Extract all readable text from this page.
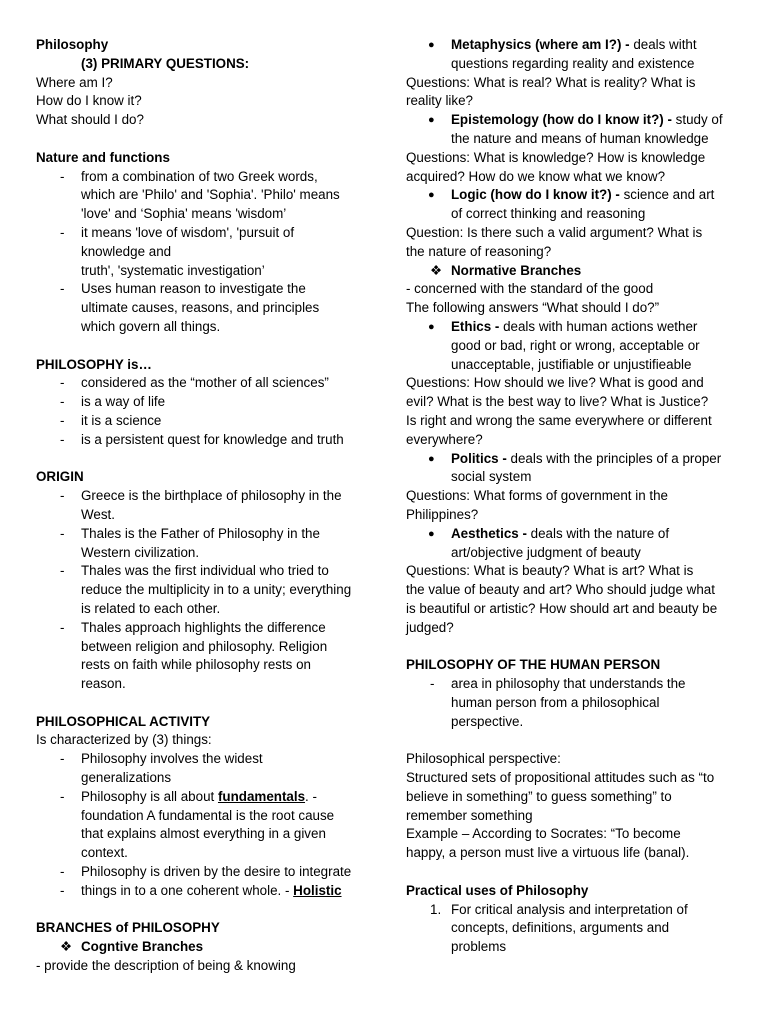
Philosophy

(3) PRIMARY QUESTIONS:

Where am I?

How do I know it?

What should I do?

Nature and functions

- from a combination of two Greek words,
which are 'Philo' and 'Sophia'. 'Philo' means
'love' and ‘Sophia' means 'wisdom’
- it means 'love of wisdom', 'pursuit of
knowledge and
truth', 'systematic investigation’
- Uses human reason to investigate the
ultimate causes, reasons, and principles
which govern all things.

PHILOSOPHY is…

- considered as the “mother of all sciences”
- is a way of life
- it is a science
- is a persistent quest for knowledge and truth

ORIGIN

- Greece is the birthplace of philosophy in the
West.
- Thales is the Father of Philosophy in the
Western civilization.
- Thales was the first individual who tried to
reduce the multiplicity in to a unity; everything
is related to each other.
- Thales approach highlights the difference
between religion and philosophy. Religion
rests on faith while philosophy rests on
reason.

PHILOSOPHICAL ACTIVITY

Is characterized by (3) things:

- Philosophy involves the widest
generalizations
- Philosophy is all about fundamentals. -
foundation A fundamental is the root cause
that explains almost everything in a given
context.
- Philosophy is driven by the desire to integrate
- things in to a one coherent whole. - Holistic

BRANCHES of PHILOSOPHY

❖ Cogntive Branches

- provide the description of being & knowing

● Metaphysics (where am I?) - deals witht
questions regarding reality and existence

Questions: What is real? What is reality? What is

reality like?

● Epistemology (how do I know it?) - study of
the nature and means of human knowledge

Questions: What is knowledge? How is knowledge

acquired? How do we know what we know?

● Logic (how do I know it?) - science and art
of correct thinking and reasoning

Question: Is there such a valid argument? What is

the nature of reasoning?

❖ Normative Branches

- concerned with the standard of the good

The following answers “What should I do?”

● Ethics - deals with human actions wether
good or bad, right or wrong, acceptable or
unacceptable, justifiable or unjustifieable

Questions: How should we live? What is good and

evil? What is the best way to live? What is Justice?

Is right and wrong the same everywhere or different

everywhere?

● Politics - deals with the principles of a proper
social system

Questions: What forms of government in the

Philippines?

● Aesthetics - deals with the nature of
art/objective judgment of beauty

Questions: What is beauty? What is art? What is

the value of beauty and art? Who should judge what

is beautiful or artistic? How should art and beauty be

judged?

PHILOSOPHY OF THE HUMAN PERSON

- area in philosophy that understands the
human person from a philosophical
perspective.

Philosophical perspective:

Structured sets of propositional attitudes such as “to

believe in something” to guess something” to

remember something

Example – According to Socrates: “To become

happy, a person must live a virtuous life (banal).

Practical uses of Philosophy

1. For critical analysis and interpretation of
concepts, definitions, arguments and
problems
